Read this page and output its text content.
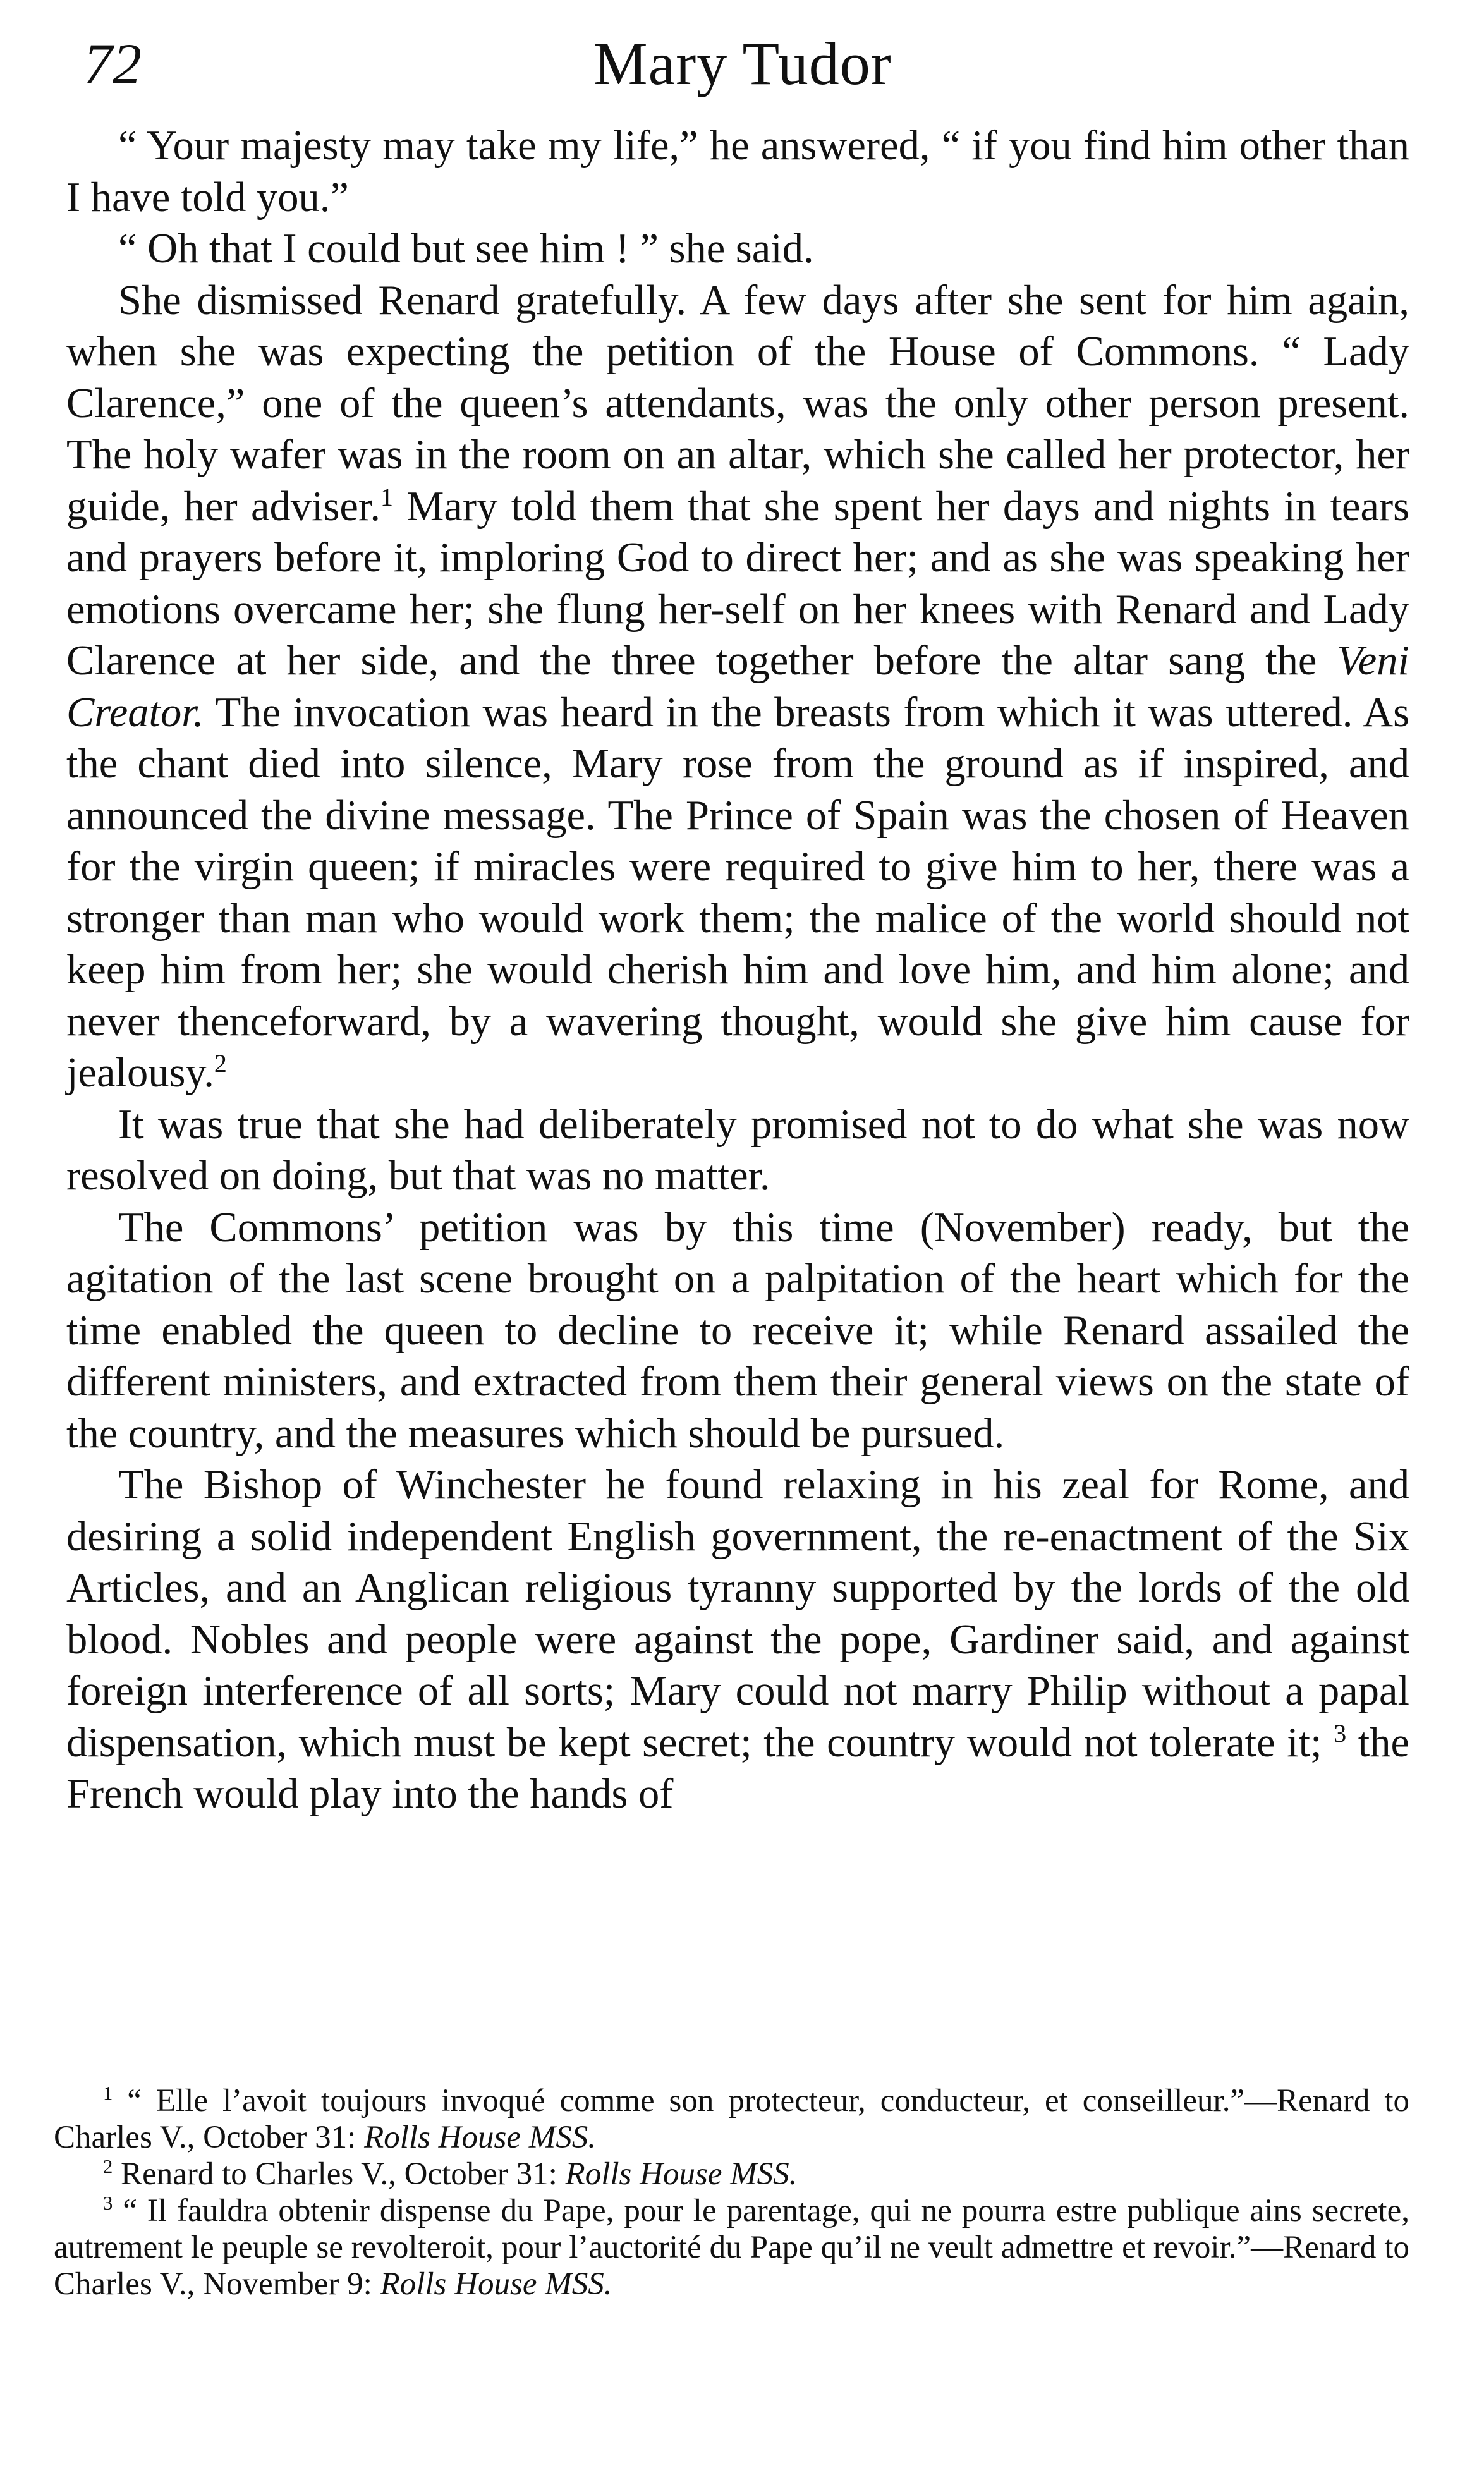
72	Mary Tudor

“ Your majesty may take my life,” he answered, “ if you find him other than I have told you.”

“ Oh that I could but see him ! ” she said.

She dismissed Renard gratefully. A few days after she sent for him again, when she was expecting the petition of the House of Commons. “ Lady Clarence,” one of the queen’s attendants, was the only other person present. The holy wafer was in the room on an altar, which she called her protector, her guide, her adviser.$^1$ Mary told them that she spent her days and nights in tears and prayers before it, imploring God to direct her; and as she was speaking her emotions overcame her; she flung her-self on her knees with Renard and Lady Clarence at her side, and the three together before the altar sang the Veni Creator. The invocation was heard in the breasts from which it was uttered. As the chant died into silence, Mary rose from the ground as if inspired, and announced the divine message. The Prince of Spain was the chosen of Heaven for the virgin queen; if miracles were required to give him to her, there was a stronger than man who would work them; the malice of the world should not keep him from her; she would cherish him and love him, and him alone; and never thenceforward, by a wavering thought, would she give him cause for jealousy.$^2$

It was true that she had deliberately promised not to do what she was now resolved on doing, but that was no matter.

The Commons’ petition was by this time (November) ready, but the agitation of the last scene brought on a palpitation of the heart which for the time enabled the queen to decline to receive it; while Renard assailed the different ministers, and extracted from them their general views on the state of the country, and the measures which should be pursued.

The Bishop of Winchester he found relaxing in his zeal for Rome, and desiring a solid independent English government, the re-enactment of the Six Articles, and an Anglican religious tyranny supported by the lords of the old blood. Nobles and people were against the pope, Gardiner said, and against foreign interference of all sorts; Mary could not marry Philip without a papal dispensation, which must be kept secret; the country would not tolerate it; $^3$ the French would play into the hands of

$^1$ “ Elle l’avoit toujours invoqué comme son protecteur, conducteur, et conseilleur.”—Renard to Charles V., October 31: Rolls House MSS.

$^2$ Renard to Charles V., October 31: Rolls House MSS.

$^3$ “ Il fauldra obtenir dispense du Pape, pour le parentage, qui ne pourra estre publique ains secrete, autrement le peuple se revolteroit, pour l’auctorité du Pape qu’il ne veult admettre et revoir.”—Renard to Charles V., November 9: Rolls House MSS.
